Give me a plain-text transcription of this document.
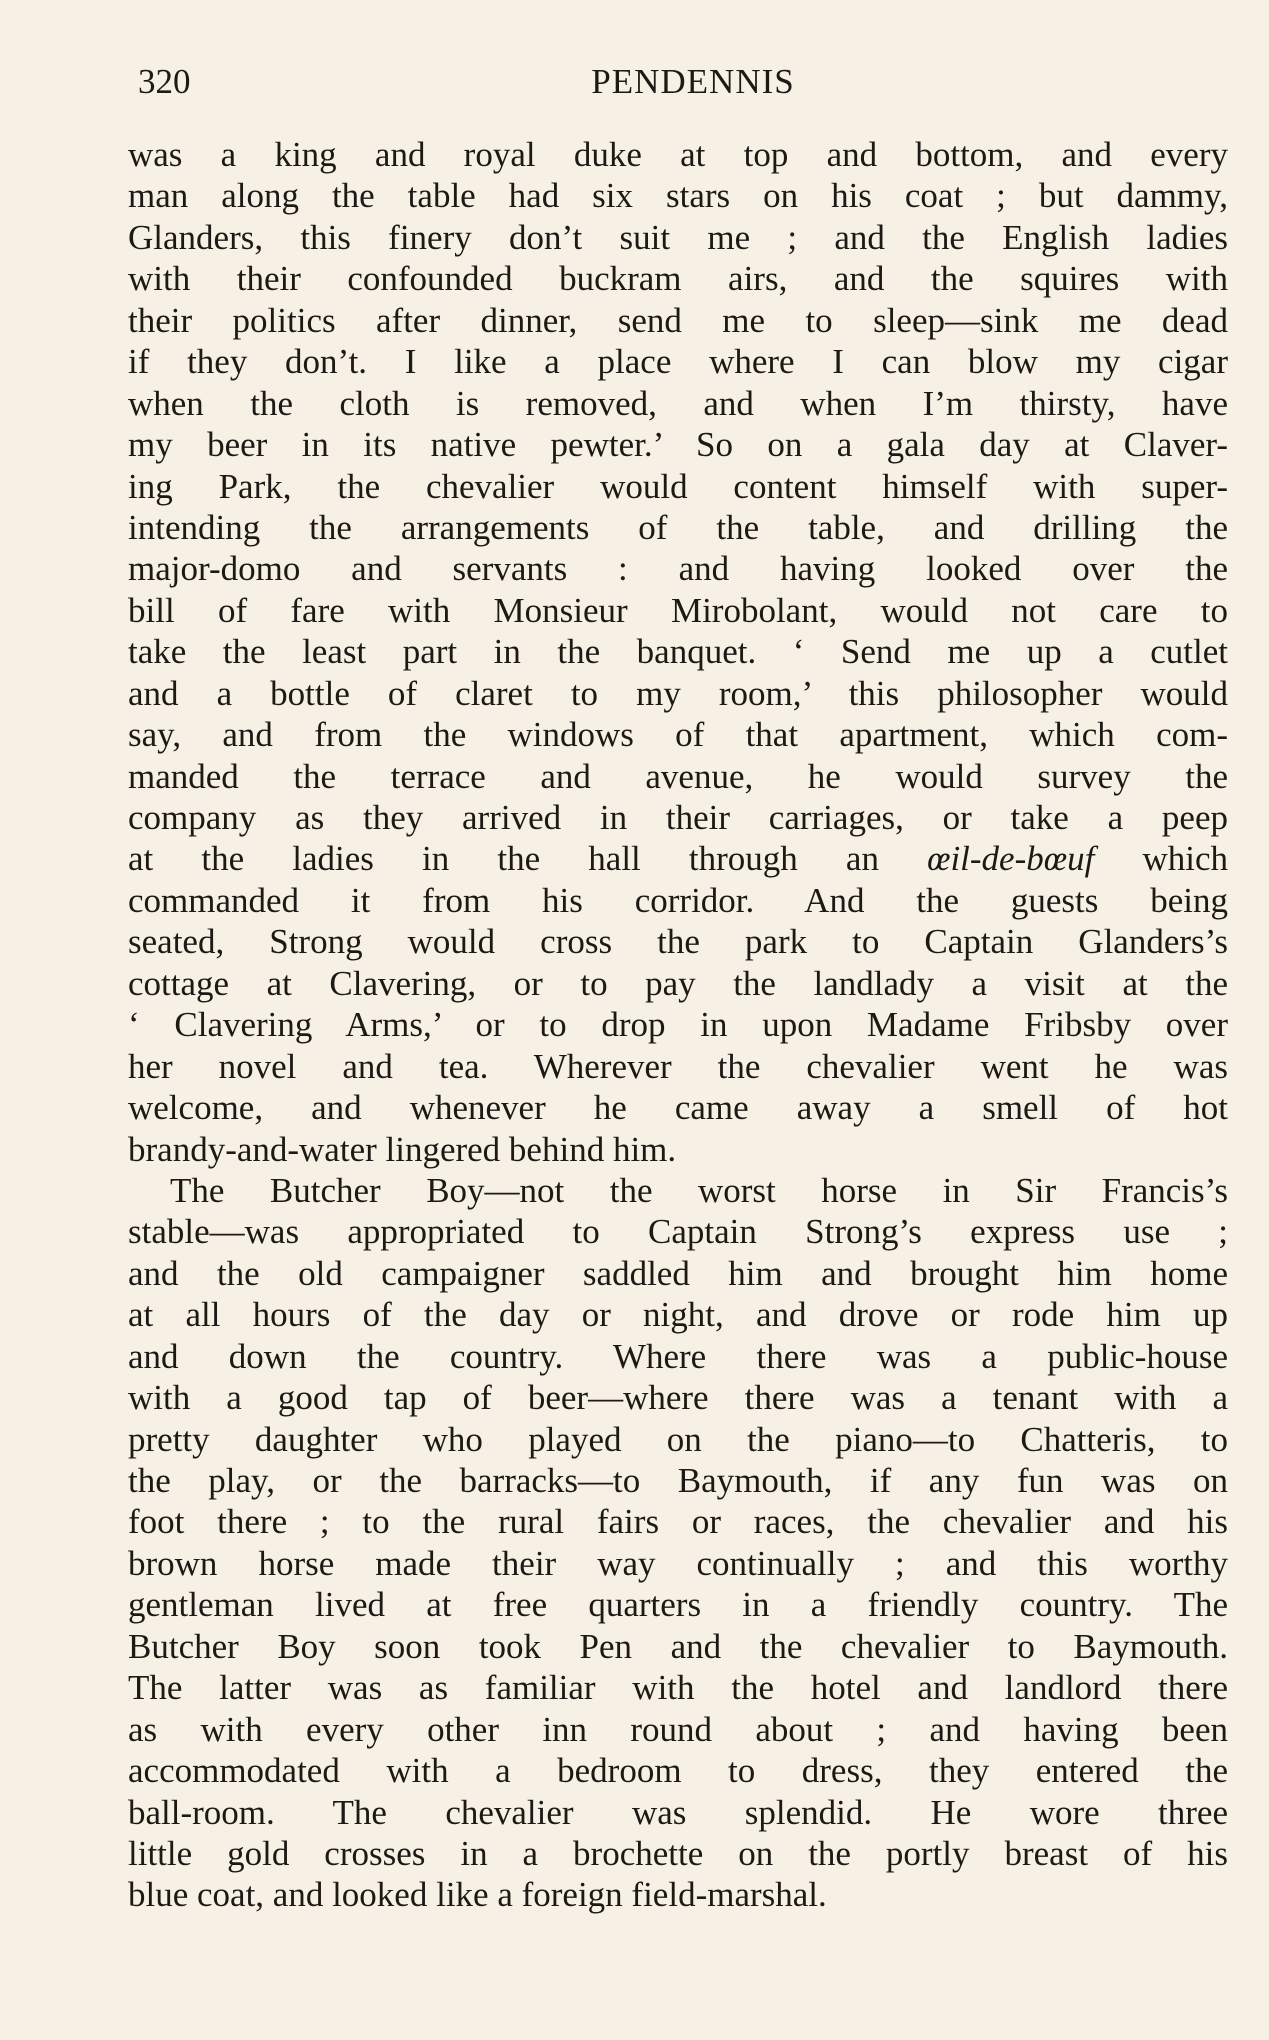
320	PENDENNIS
was a king and royal duke at top and bottom, and every
man along the table had six stars on his coat ; but dammy,
Glanders, this finery don’t suit me ; and the English ladies
with their confounded buckram airs, and the squires with
their politics after dinner, send me to sleep—sink me dead
if they don’t. I like a place where I can blow my cigar
when the cloth is removed, and when I’m thirsty, have
my beer in its native pewter.’ So on a gala day at Claver-
ing Park, the chevalier would content himself with super-
intending the arrangements of the table, and drilling the
major-domo and servants : and having looked over the
bill of fare with Monsieur Mirobolant, would not care to
take the least part in the banquet. ‘ Send me up a cutlet
and a bottle of claret to my room,’ this philosopher would
say, and from the windows of that apartment, which com-
manded the terrace and avenue, he would survey the
company as they arrived in their carriages, or take a peep
at the ladies in the hall through an œil-de-bœuf which
commanded it from his corridor. And the guests being
seated, Strong would cross the park to Captain Glanders’s
cottage at Clavering, or to pay the landlady a visit at the
‘ Clavering Arms,’ or to drop in upon Madame Fribsby over
her novel and tea. Wherever the chevalier went he was
welcome, and whenever he came away a smell of hot
brandy-and-water lingered behind him.
The Butcher Boy—not the worst horse in Sir Francis’s
stable—was appropriated to Captain Strong’s express use ;
and the old campaigner saddled him and brought him home
at all hours of the day or night, and drove or rode him up
and down the country. Where there was a public-house
with a good tap of beer—where there was a tenant with a
pretty daughter who played on the piano—to Chatteris, to
the play, or the barracks—to Baymouth, if any fun was on
foot there ; to the rural fairs or races, the chevalier and his
brown horse made their way continually ; and this worthy
gentleman lived at free quarters in a friendly country. The
Butcher Boy soon took Pen and the chevalier to Baymouth.
The latter was as familiar with the hotel and landlord there
as with every other inn round about ; and having been
accommodated with a bedroom to dress, they entered the
ball-room. The chevalier was splendid. He wore three
little gold crosses in a brochette on the portly breast of his
blue coat, and looked like a foreign field-marshal.
